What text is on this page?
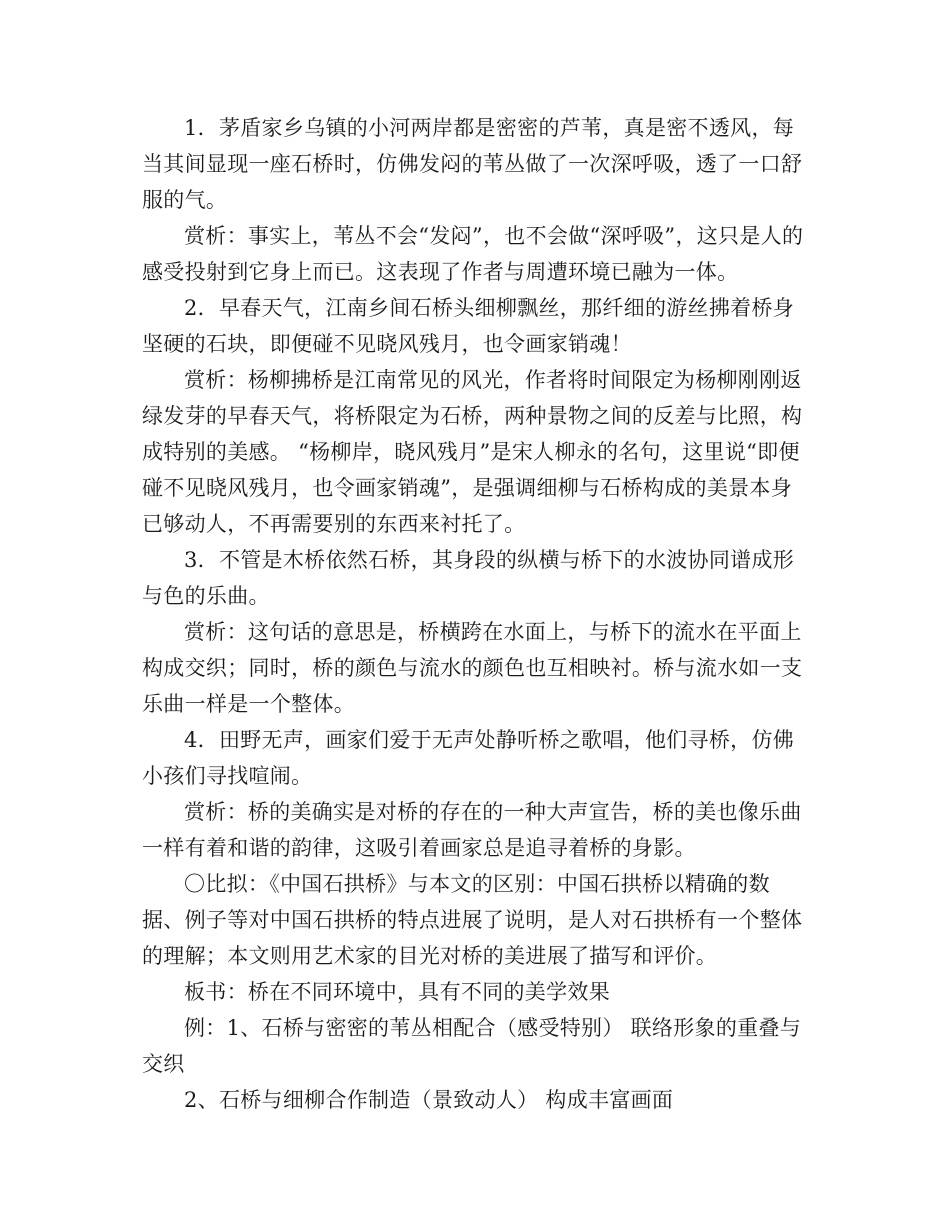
1．茅盾家乡乌镇的小河两岸都是密密的芦苇，真是密不透风，每当其间显现一座石桥时，仿佛发闷的苇丛做了一次深呼吸，透了一口舒服的气。

赏析：事实上，苇丛不会“发闷”，也不会做“深呼吸”，这只是人的感受投射到它身上而已。这表现了作者与周遭环境已融为一体。

2．早春天气，江南乡间石桥头细柳飘丝，那纤细的游丝拂着桥身坚硬的石块，即便碰不见晓风残月，也令画家销魂！

赏析：杨柳拂桥是江南常见的风光，作者将时间限定为杨柳刚刚返绿发芽的早春天气，将桥限定为石桥，两种景物之间的反差与比照，构成特别的美感。 “杨柳岸，晓风残月”是宋人柳永的名句，这里说“即便碰不见晓风残月，也令画家销魂”，是强调细柳与石桥构成的美景本身已够动人，不再需要别的东西来衬托了。

3．不管是木桥依然石桥，其身段的纵横与桥下的水波协同谱成形与色的乐曲。

赏析：这句话的意思是，桥横跨在水面上，与桥下的流水在平面上构成交织；同时，桥的颜色与流水的颜色也互相映衬。桥与流水如一支乐曲一样是一个整体。

4．田野无声，画家们爱于无声处静听桥之歌唱，他们寻桥，仿佛小孩们寻找喧闹。

赏析：桥的美确实是对桥的存在的一种大声宣告，桥的美也像乐曲一样有着和谐的韵律，这吸引着画家总是追寻着桥的身影。

〇比拟：《中国石拱桥》与本文的区别：中国石拱桥以精确的数据、例子等对中国石拱桥的特点进展了说明，是人对石拱桥有一个整体的理解；本文则用艺术家的目光对桥的美进展了描写和评价。

板书：桥在不同环境中，具有不同的美学效果

例：1、石桥与密密的苇丛相配合（感受特别） 联络形象的重叠与交织

2、石桥与细柳合作制造（景致动人） 构成丰富画面
